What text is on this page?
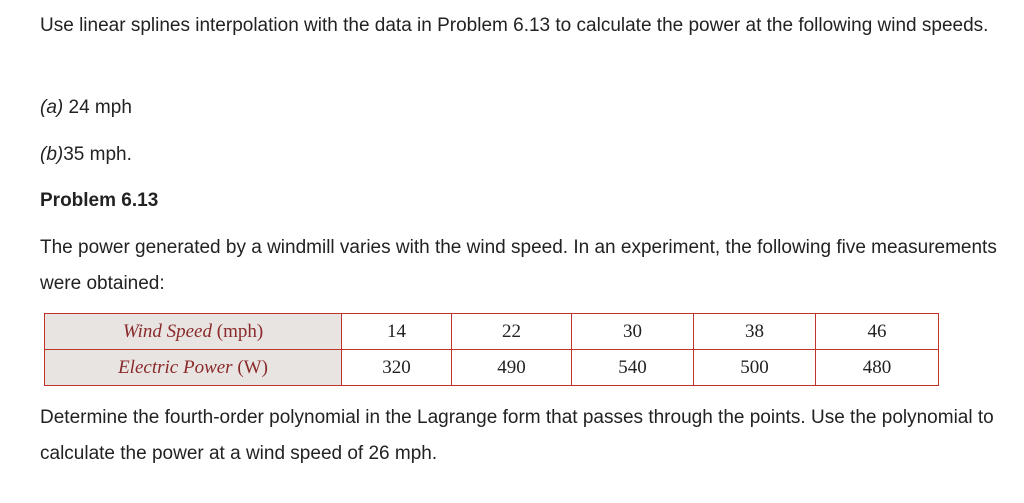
Use linear splines interpolation with the data in Problem 6.13 to calculate the power at the following wind speeds.

(a) 24 mph

(b)35 mph.

Problem 6.13

The power generated by a windmill varies with the wind speed. In an experiment, the following five measurements were obtained:

Determine the fourth-order polynomial in the Lagrange form that passes through the points. Use the polynomial to calculate the power at a wind speed of 26 mph.

Wind Speed (mph)	14	22	30	38	46
Electric Power (W)	320	490	540	500	480
